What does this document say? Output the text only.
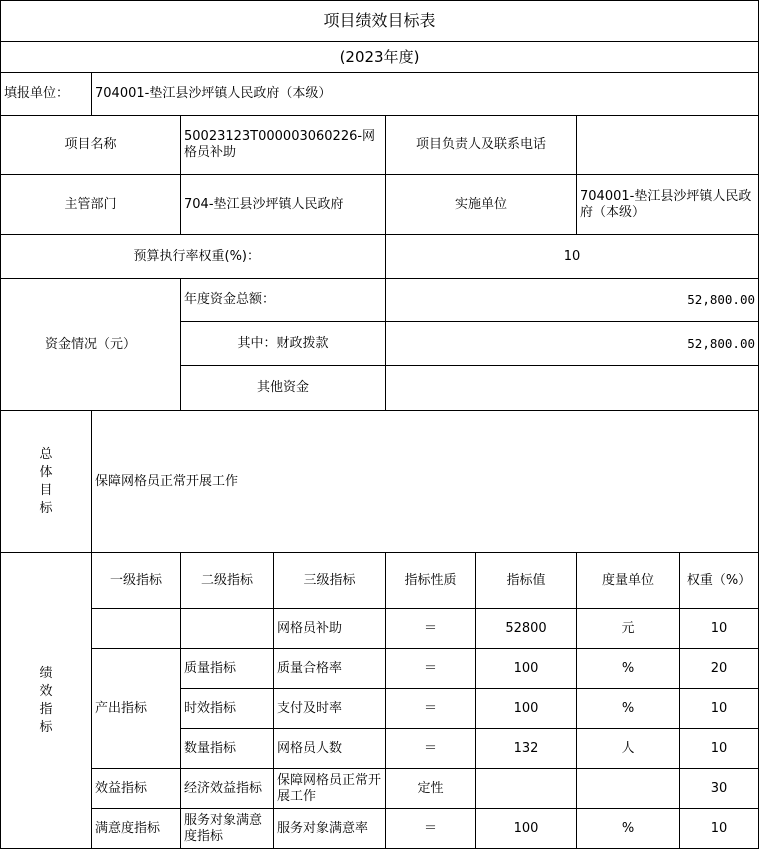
项目绩效目标表							
(2023年度)							
填报单位：	704001-垫江县沙坪镇人民政府（本级）						
项目名称		50023123T000003060226-网格员补助		项目负责人及联系电话			
主管部门		704-垫江县沙坪镇人民政府		实施单位		704001-垫江县沙坪镇人民政府（本级）	
预算执行率权重(%)：				10			
资金情况（元）		年度资金总额：		52,800.00			
		其中：财政拨款		52,800.00			
		其他资金					
总体目标	保障网格员正常开展工作						
绩效指标	一级指标	二级指标	三级指标	指标性质	指标值	度量单位	权重（%）
			网格员补助	＝	52800	元	10
	产出指标	质量指标	质量合格率	＝	100	%	20
		时效指标	支付及时率	＝	100	%	10
		数量指标	网格员人数	＝	132	人	10
	效益指标	经济效益指标	保障网格员正常开展工作	定性			30
	满意度指标	服务对象满意度指标	服务对象满意率	＝	100	%	10
